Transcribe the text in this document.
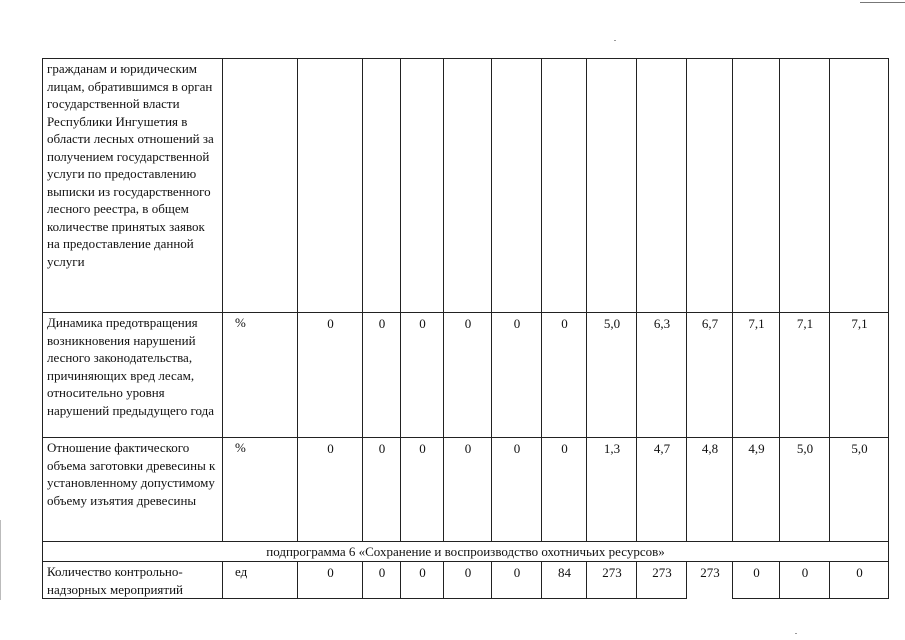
гражданам и юридическим лицам, обратившимся в орган государственной власти Республики Ингушетия в области лесных отношений за получением государственной услуги по предоставлению выписки из государственного лесного реестра, в общем количестве принятых заявок на предоставление данной услуги													
Динамика предотвращения возникновения нарушений лесного законодательства, причиняющих вред лесам, относительно уровня нарушений предыдущего года	%	0	0	0	0	0	0	5,0	6,3	6,7	7,1	7,1	7,1
Отношение фактического объема заготовки древесины к установленному допустимому объему изъятия древесины	%	0	0	0	0	0	0	1,3	4,7	4,8	4,9	5,0	5,0
подпрограмма 6 «Сохранение и воспроизводство охотничьих ресурсов»													
Количество контрольно-надзорных мероприятий	ед	0	0	0	0	0	84	273	273	273	0	0	0
